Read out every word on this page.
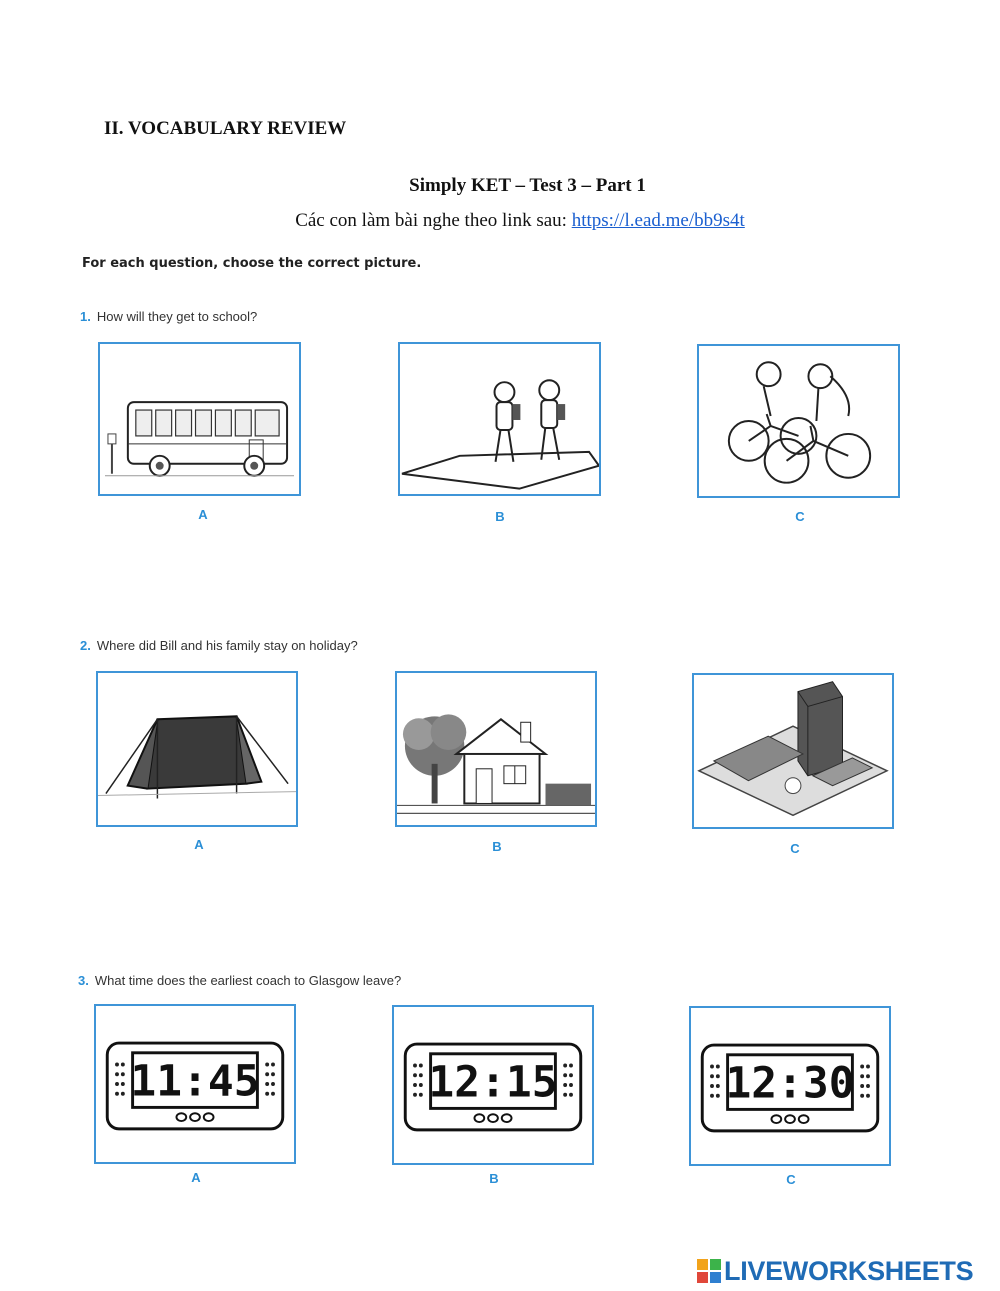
II. VOCABULARY REVIEW
Simply KET – Test 3 – Part 1
Các con làm bài nghe theo link sau: https://l.ead.me/bb9s4t
For each question, choose the correct picture.
1. How will they get to school?
A	B	C
2. Where did Bill and his family stay on holiday?
A	B	C
3. What time does the earliest coach to Glasgow leave?
11:45
A
12:15
B
12:30
C
LIVEWORKSHEETS
